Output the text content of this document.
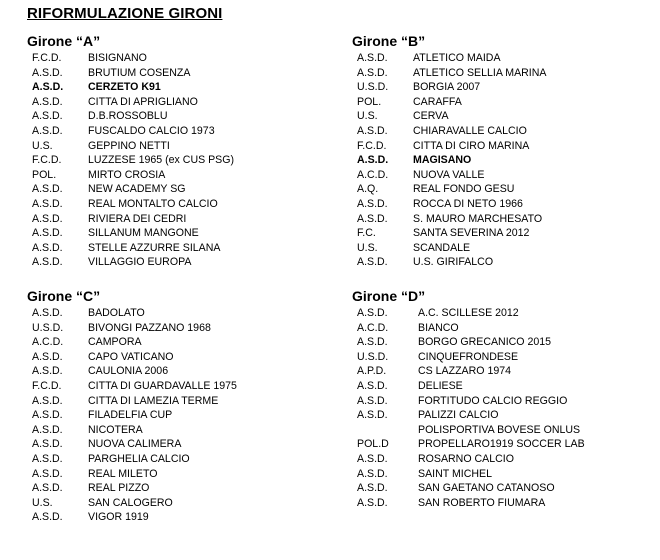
RIFORMULAZIONE GIRONI
Girone “A”
F.C.D.	BISIGNANO
A.S.D. BRUTIUM COSENZA
A.S.D. CERZETO K91
A.S.D. CITTA DI APRIGLIANO
A.S.D. D.B.ROSSOBLU
A.S.D. FUSCALDO CALCIO 1973
U.S.	GEPPINO NETTI
F.C.D.	LUZZESE 1965 (ex CUS PSG)
POL.	MIRTO CROSIA
A.S.D. NEW ACADEMY SG
A.S.D. REAL MONTALTO CALCIO
A.S.D. RIVIERA DEI CEDRI
A.S.D. SILLANUM MANGONE
A.S.D. STELLE AZZURRE SILANA
A.S.D. VILLAGGIO EUROPA
Girone “B”
A.S.D. ATLETICO MAIDA
A.S.D. ATLETICO SELLIA MARINA
U.S.D. BORGIA 2007
POL.	CARAFFA
U.S.	CERVA
A.S.D. CHIARAVALLE CALCIO
F.C.D.	CITTA DI CIRO MARINA
A.S.D. MAGISANO
A.C.D. NUOVA VALLE
A.Q.	REAL FONDO GESU
A.S.D. ROCCA DI NETO 1966
A.S.D. S. MAURO MARCHESATO
F.C.	SANTA SEVERINA 2012
U.S.	SCANDALE
A.S.D. U.S. GIRIFALCO
Girone “C”
A.S.D. BADOLATO
U.S.D. BIVONGI PAZZANO 1968
A.C.D. CAMPORA
A.S.D. CAPO VATICANO
A.S.D. CAULONIA 2006
F.C.D.	CITTA DI GUARDAVALLE 1975
A.S.D. CITTA DI LAMEZIA TERME
A.S.D. FILADELFIA CUP
A.S.D. NICOTERA
A.S.D. NUOVA CALIMERA
A.S.D. PARGHELIA CALCIO
A.S.D. REAL MILETO
A.S.D. REAL PIZZO
U.S.	SAN CALOGERO
A.S.D. VIGOR 1919
Girone “D”
A.S.D.	A.C. SCILLESE 2012
A.C.D.	BIANCO
A.S.D.	BORGO GRECANICO 2015
U.S.D.	CINQUEFRONDESE
A.P.D.	CS LAZZARO 1974
A.S.D.	DELIESE
A.S.D.	FORTITUDO CALCIO REGGIO
A.S.D.	PALIZZI CALCIO
POLISPORTIVA BOVESE ONLUS
POL.D	PROPELLARO1919 SOCCER LAB
A.S.D.	ROSARNO CALCIO
A.S.D.	SAINT MICHEL
A.S.D.	SAN GAETANO CATANOSO
A.S.D.	SAN ROBERTO FIUMARA
